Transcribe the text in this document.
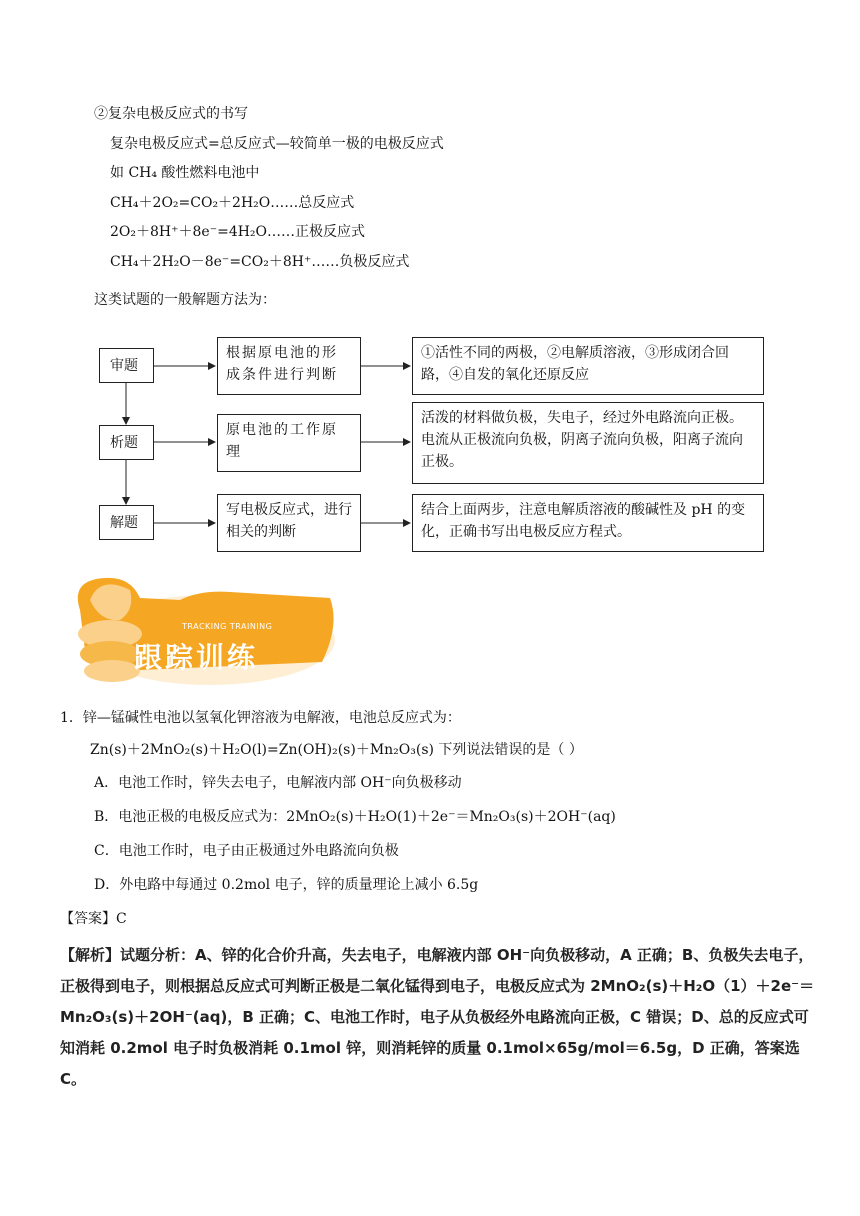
②复杂电极反应式的书写
复杂电极反应式=总反应式—较简单一极的电极反应式
如 CH₄ 酸性燃料电池中
CH₄＋2O₂=CO₂＋2H₂O……总反应式
2O₂＋8H⁺＋8e⁻=4H₂O……正极反应式
CH₄＋2H₂O－8e⁻=CO₂＋8H⁺……负极反应式
这类试题的一般解题方法为：
审题
根据原电池的形成条件进行判断
①活性不同的两极，②电解质溶液，③形成闭合回路，④自发的氧化还原反应
析题
原电池的工作原理
活泼的材料做负极，失电子，经过外电路流向正极。电流从正极流向负极，阴离子流向负极，阳离子流向正极。
解题
写电极反应式，进行相关的判断
结合上面两步，注意电解质溶液的酸碱性及 pH 的变化，正确书写出电极反应方程式。
TRACKING TRAINING
跟踪训练
1．锌—锰碱性电池以氢氧化钾溶液为电解液，电池总反应式为：
Zn(s)＋2MnO₂(s)＋H₂O(l)=Zn(OH)₂(s)＋Mn₂O₃(s) 下列说法错误的是（ ）
A．电池工作时，锌失去电子，电解液内部 OH⁻向负极移动
B．电池正极的电极反应式为：2MnO₂(s)＋H₂O(1)＋2e⁻＝Mn₂O₃(s)＋2OH⁻(aq)
C．电池工作时，电子由正极通过外电路流向负极
D．外电路中每通过 0.2mol 电子，锌的质量理论上减小 6.5g
【答案】C
【解析】试题分析：A、锌的化合价升高，失去电子，电解液内部 OH⁻向负极移动，A 正确；B、负极失去电子，正极得到电子，则根据总反应式可判断正极是二氧化锰得到电子，电极反应式为 2MnO₂(s)＋H₂O（1）＋2e⁻＝Mn₂O₃(s)＋2OH⁻(aq)，B 正确；C、电池工作时，电子从负极经外电路流向正极，C 错误；D、总的反应式可知消耗 0.2mol 电子时负极消耗 0.1mol 锌，则消耗锌的质量 0.1mol×65g/mol＝6.5g，D 正确，答案选 C。
